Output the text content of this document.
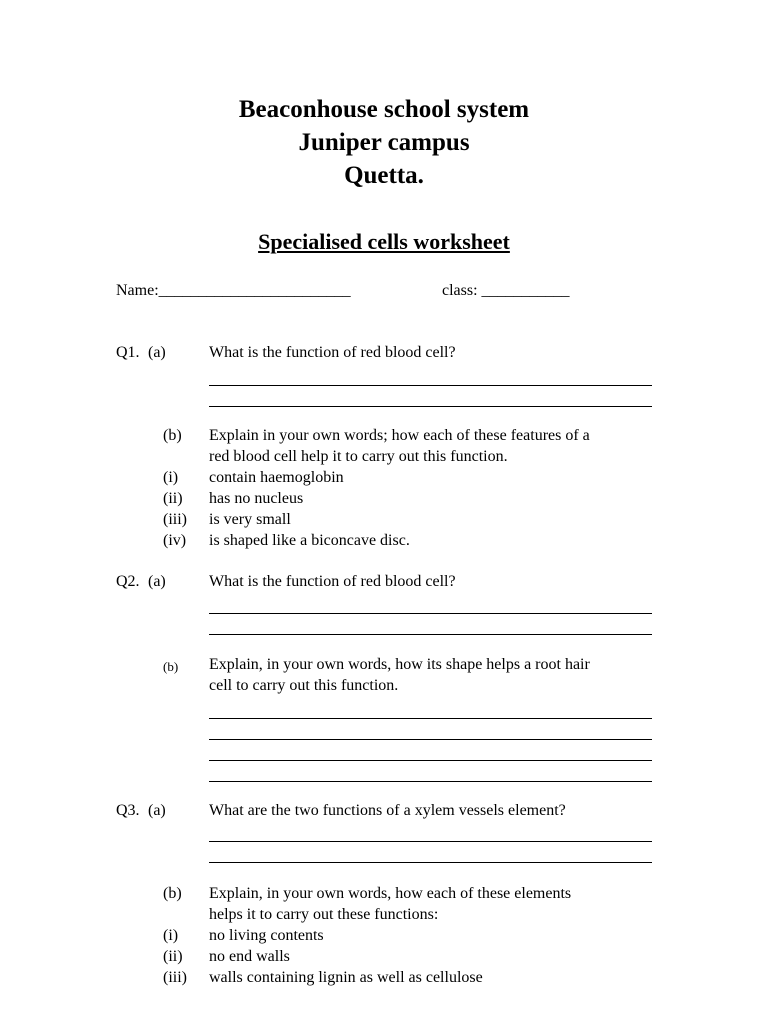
Beaconhouse school system
Juniper campus
Quetta.
Specialised cells worksheet
Name:________________________	class: ___________
Q1. (a)	What is the function of red blood cell?
(b) Explain in your own words; how each of these features of a
red blood cell help it to carry out this function.
(i) contain haemoglobin
(ii) has no nucleus
(iii) is very small
(iv) is shaped like a biconcave disc.
Q2. (a)	What is the function of red blood cell?
(b) Explain, in your own words, how its shape helps a root hair
cell to carry out this function.
Q3. (a)	What are the two functions of a xylem vessels element?
(b) Explain, in your own words, how each of these elements
helps it to carry out these functions:
(i) no living contents
(ii) no end walls
(iii) walls containing lignin as well as cellulose
